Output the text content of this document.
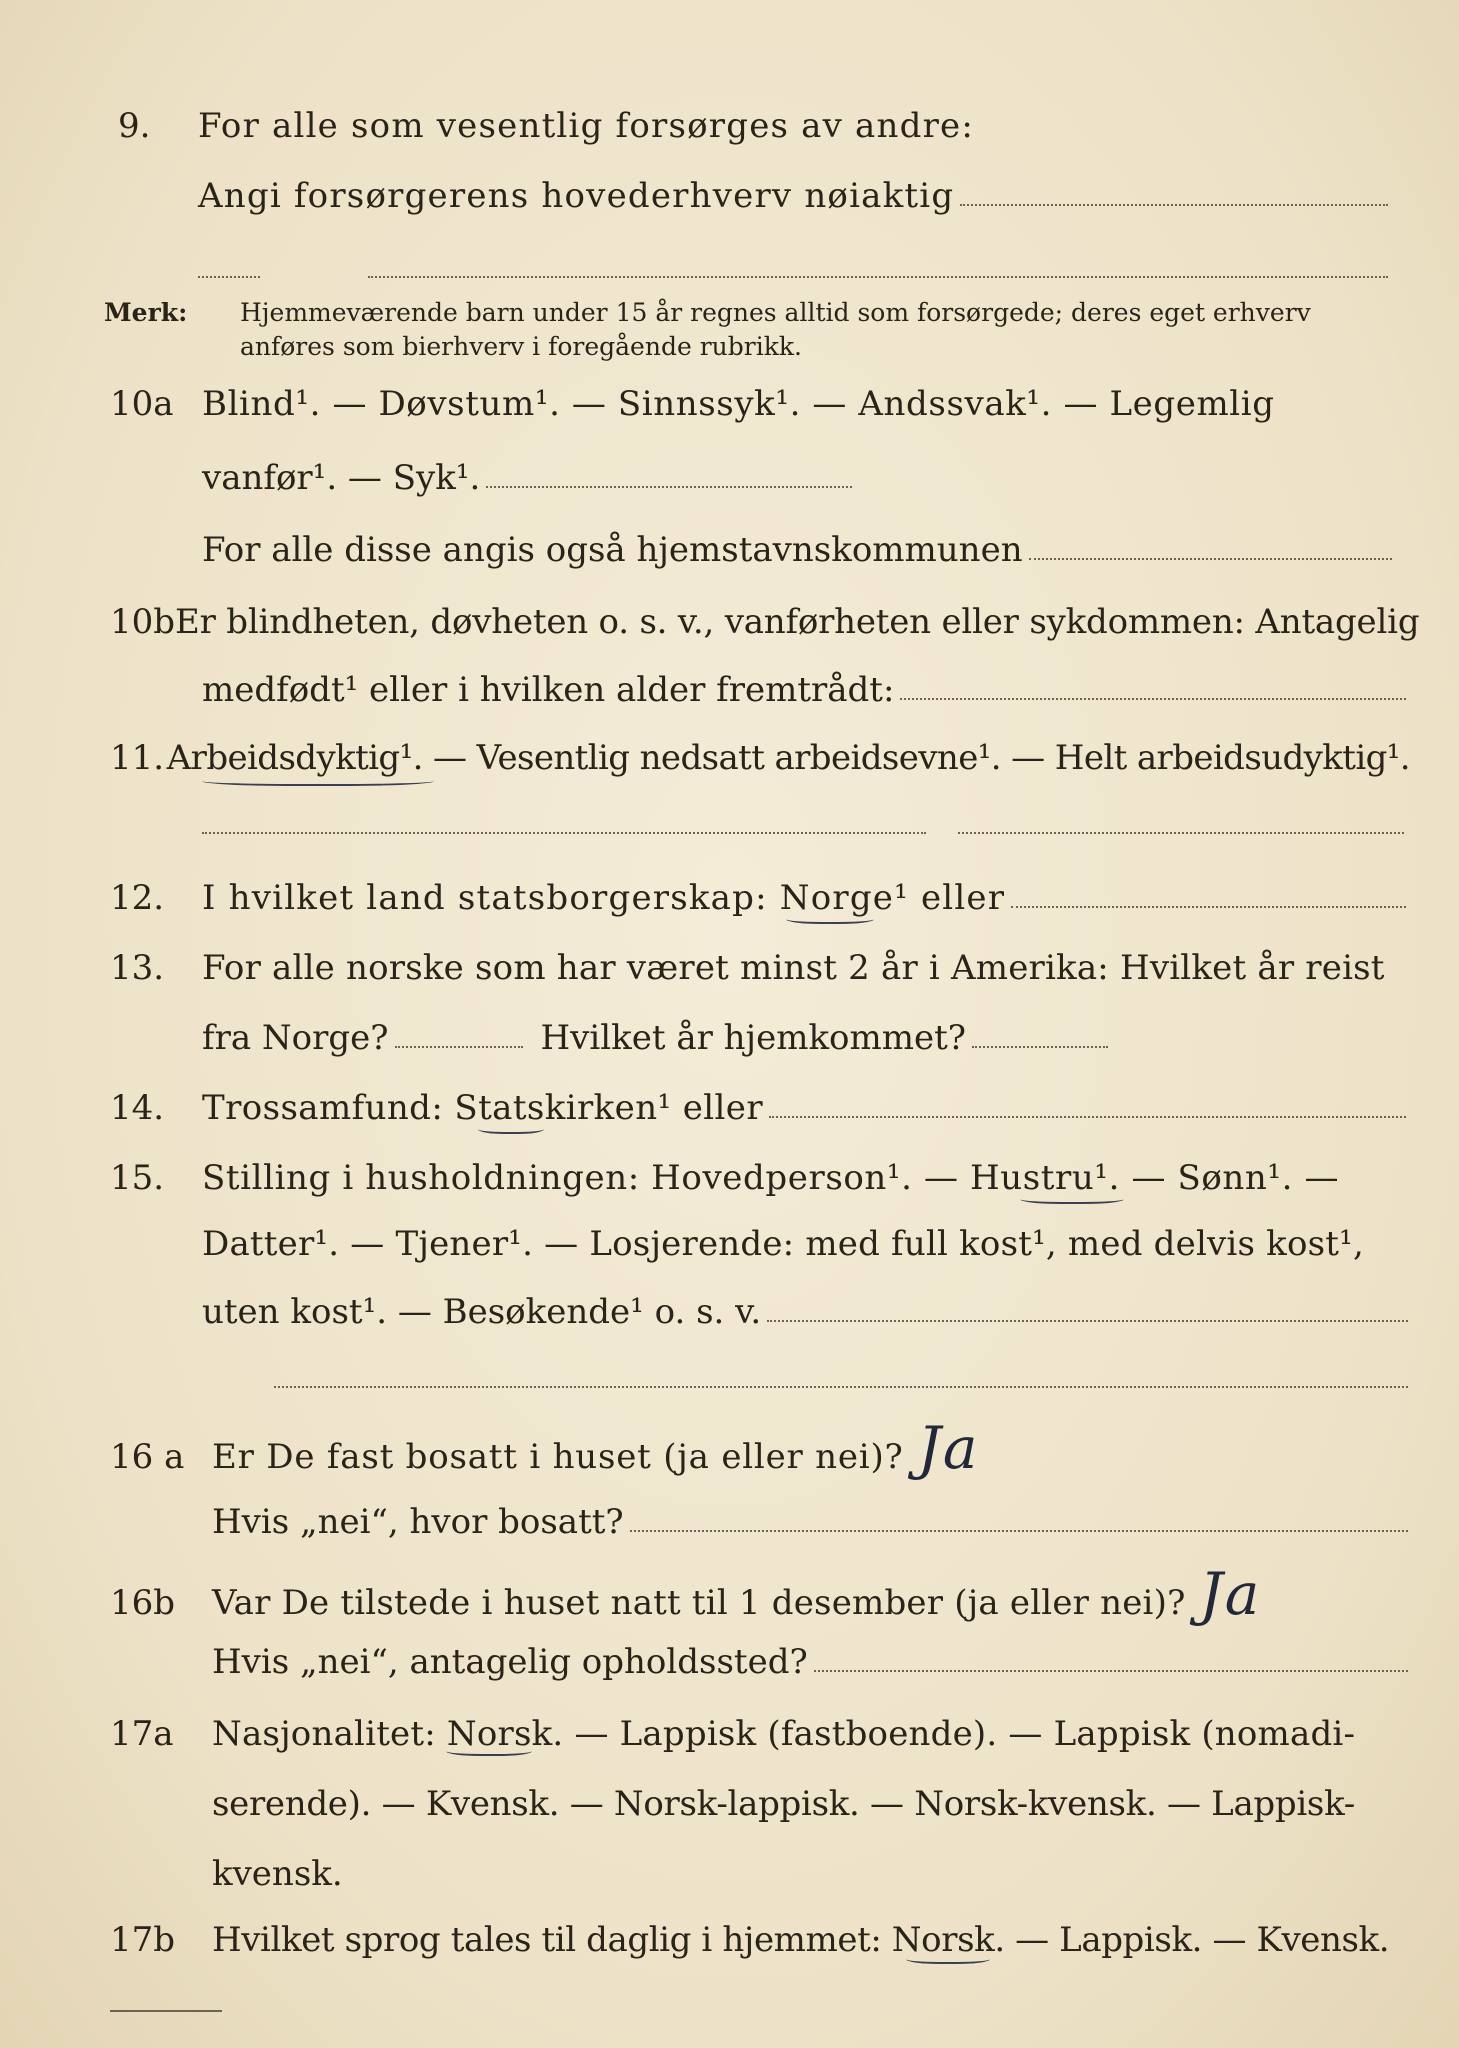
9.	For alle som vesentlig forsørges av andre:
Angi forsørgerens hovederhverv nøiaktig
Merk:	Hjemmeværende barn under 15 år regnes alltid som forsørgede; deres eget erhverv
anføres som bierhverv i foregående rubrikk.
10a Blind¹. — Døvstum¹. — Sinnssyk¹. — Andssvak¹. — Legemlig
vanfør¹. — Syk¹.
For alle disse angis også hjemstavnskommunen
10b Er blindheten, døvheten o. s. v., vanførheten eller sykdommen: Antagelig
medfødt¹ eller i hvilken alder fremtrådt:
11. Arbeidsdyktig¹. — Vesentlig nedsatt arbeidsevne¹. — Helt arbeidsudyktig¹.
12.	I hvilket land statsborgerskap: Norge¹ eller
13.	For alle norske som har været minst 2 år i Amerika: Hvilket år reist
fra Norge?	Hvilket år hjemkommet?
14.	Trossamfund: Statskirken¹ eller
15.	Stilling i husholdningen: Hovedperson¹. — Hustru¹. — Sønn¹. —
Datter¹. — Tjener¹. — Losjerende: med full kost¹, med delvis kost¹,
uten kost¹. — Besøkende¹ o. s. v.
16 a Er De fast bosatt i huset (ja eller nei)? Ja
Hvis „nei“, hvor bosatt?
16b	Var De tilstede i huset natt til 1 desember (ja eller nei)? Ja
Hvis „nei“, antagelig opholdssted?
17a	Nasjonalitet: Norsk. — Lappisk (fastboende). — Lappisk (nomadi-
serende). — Kvensk. — Norsk-lappisk. — Norsk-kvensk. — Lappisk-
kvensk.
17b	Hvilket sprog tales til daglig i hjemmet: Norsk. — Lappisk. — Kvensk.
